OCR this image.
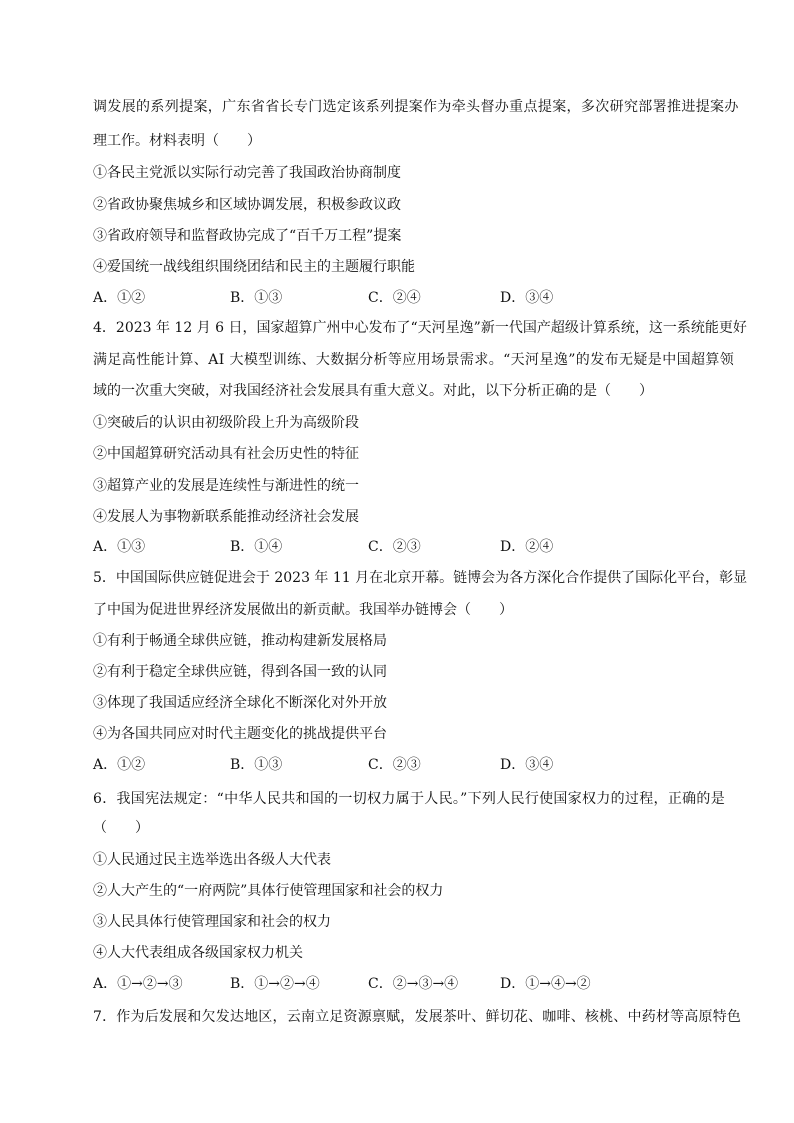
调发展的系列提案，广东省省长专门选定该系列提案作为牵头督办重点提案，多次研究部署推进提案办
理工作。材料表明（　　）
①各民主党派以实际行动完善了我国政治协商制度
②省政协聚焦城乡和区域协调发展，积极参政议政
③省政府领导和监督政协完成了“百千万工程”提案
④爱国统一战线组织围绕团结和民主的主题履行职能
A．①②	B．①③	C．②④	D．③④
4．2023 年 12 月 6 日，国家超算广州中心发布了“天河星逸”新一代国产超级计算系统，这一系统能更好
满足高性能计算、AI 大模型训练、大数据分析等应用场景需求。“天河星逸”的发布无疑是中国超算领
域的一次重大突破，对我国经济社会发展具有重大意义。对此，以下分析正确的是（　　）
①突破后的认识由初级阶段上升为高级阶段
②中国超算研究活动具有社会历史性的特征
③超算产业的发展是连续性与渐进性的统一
④发展人为事物新联系能推动经济社会发展
A．①③	B．①④	C．②③	D．②④
5．中国国际供应链促进会于 2023 年 11 月在北京开幕。链博会为各方深化合作提供了国际化平台，彰显
了中国为促进世界经济发展做出的新贡献。我国举办链博会（　　）
①有利于畅通全球供应链，推动构建新发展格局
②有利于稳定全球供应链，得到各国一致的认同
③体现了我国适应经济全球化不断深化对外开放
④为各国共同应对时代主题变化的挑战提供平台
A．①②	B．①③	C．②③	D．③④
6．我国宪法规定：“中华人民共和国的一切权力属于人民。”下列人民行使国家权力的过程，正确的是
（　　）
①人民通过民主选举选出各级人大代表
②人大产生的“一府两院”具体行使管理国家和社会的权力
③人民具体行使管理国家和社会的权力
④人大代表组成各级国家权力机关
A．①→②→③	B．①→②→④	C．②→③→④	D．①→④→②
7．作为后发展和欠发达地区，云南立足资源禀赋，发展茶叶、鲜切花、咖啡、核桃、中药材等高原特色
